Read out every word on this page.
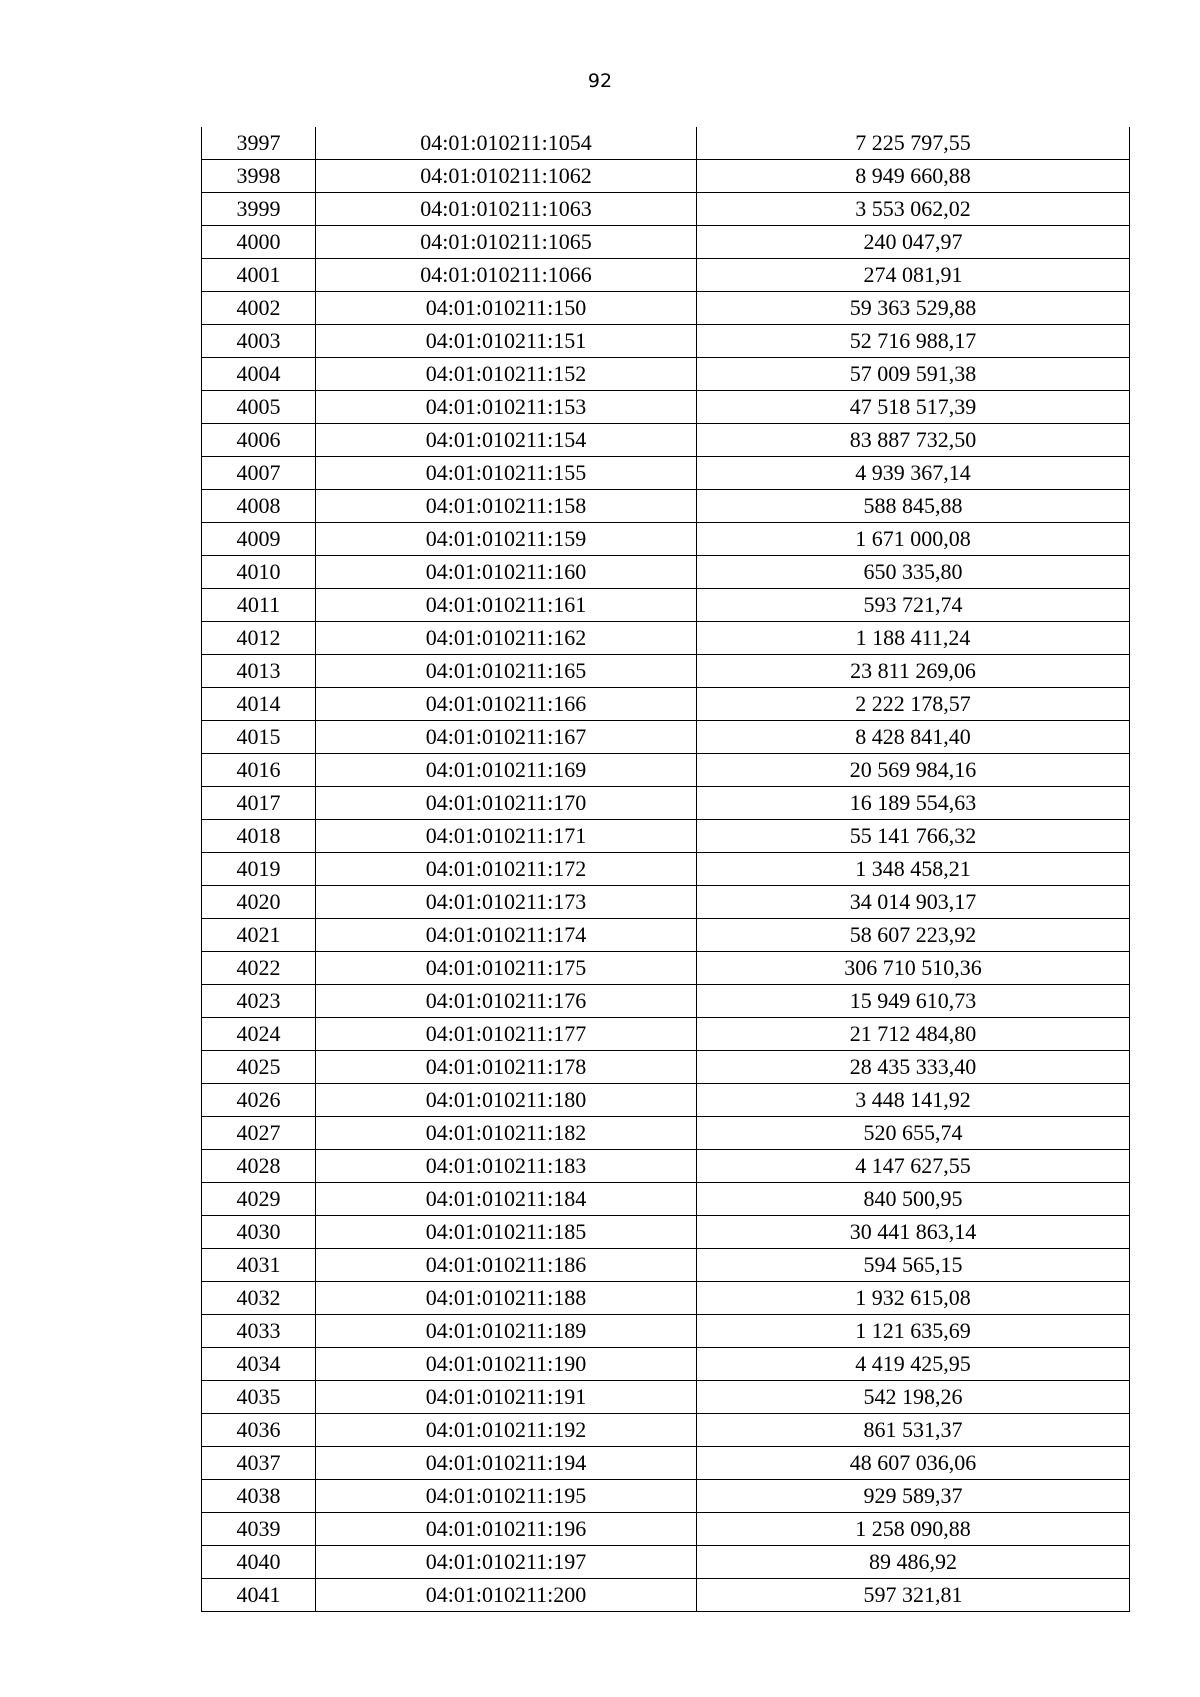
92
3997	04:01:010211:1054	7 225 797,55
3998	04:01:010211:1062	8 949 660,88
3999	04:01:010211:1063	3 553 062,02
4000	04:01:010211:1065	240 047,97
4001	04:01:010211:1066	274 081,91
4002	04:01:010211:150	59 363 529,88
4003	04:01:010211:151	52 716 988,17
4004	04:01:010211:152	57 009 591,38
4005	04:01:010211:153	47 518 517,39
4006	04:01:010211:154	83 887 732,50
4007	04:01:010211:155	4 939 367,14
4008	04:01:010211:158	588 845,88
4009	04:01:010211:159	1 671 000,08
4010	04:01:010211:160	650 335,80
4011	04:01:010211:161	593 721,74
4012	04:01:010211:162	1 188 411,24
4013	04:01:010211:165	23 811 269,06
4014	04:01:010211:166	2 222 178,57
4015	04:01:010211:167	8 428 841,40
4016	04:01:010211:169	20 569 984,16
4017	04:01:010211:170	16 189 554,63
4018	04:01:010211:171	55 141 766,32
4019	04:01:010211:172	1 348 458,21
4020	04:01:010211:173	34 014 903,17
4021	04:01:010211:174	58 607 223,92
4022	04:01:010211:175	306 710 510,36
4023	04:01:010211:176	15 949 610,73
4024	04:01:010211:177	21 712 484,80
4025	04:01:010211:178	28 435 333,40
4026	04:01:010211:180	3 448 141,92
4027	04:01:010211:182	520 655,74
4028	04:01:010211:183	4 147 627,55
4029	04:01:010211:184	840 500,95
4030	04:01:010211:185	30 441 863,14
4031	04:01:010211:186	594 565,15
4032	04:01:010211:188	1 932 615,08
4033	04:01:010211:189	1 121 635,69
4034	04:01:010211:190	4 419 425,95
4035	04:01:010211:191	542 198,26
4036	04:01:010211:192	861 531,37
4037	04:01:010211:194	48 607 036,06
4038	04:01:010211:195	929 589,37
4039	04:01:010211:196	1 258 090,88
4040	04:01:010211:197	89 486,92
4041	04:01:010211:200	597 321,81
